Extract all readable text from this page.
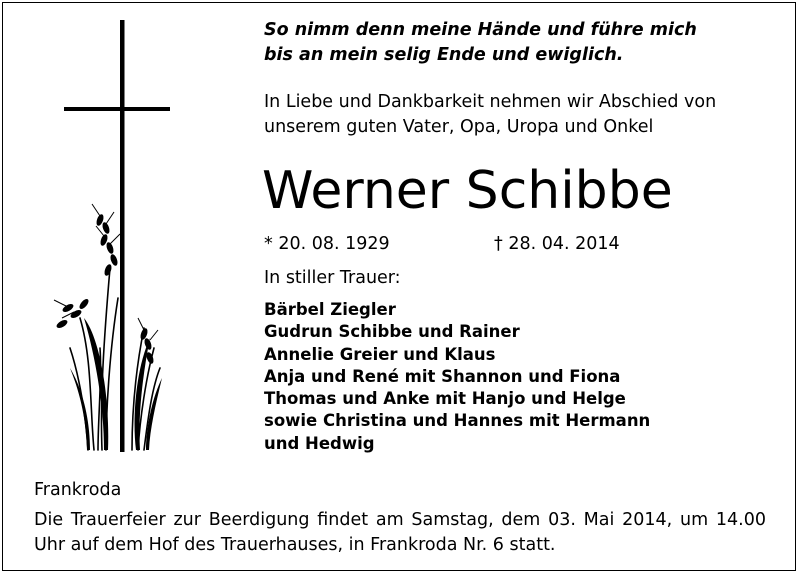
So nimm denn meine Hände und führe mich
bis an mein selig Ende und ewiglich.
In Liebe und Dankbarkeit nehmen wir Abschied von
unserem guten Vater, Opa, Uropa und Onkel
Werner Schibbe
* 20. 08. 1929	† 28. 04. 2014
In stiller Trauer:
Bärbel Ziegler
Gudrun Schibbe und Rainer
Annelie Greier und Klaus
Anja und René mit Shannon und Fiona
Thomas und Anke mit Hanjo und Helge
sowie Christina und Hannes mit Hermann
und Hedwig
Frankroda
Die Trauerfeier zur Beerdigung findet am Samstag, dem 03. Mai 2014, um 14.00 Uhr auf dem Hof des Trauerhauses, in Frankroda Nr. 6 statt.
